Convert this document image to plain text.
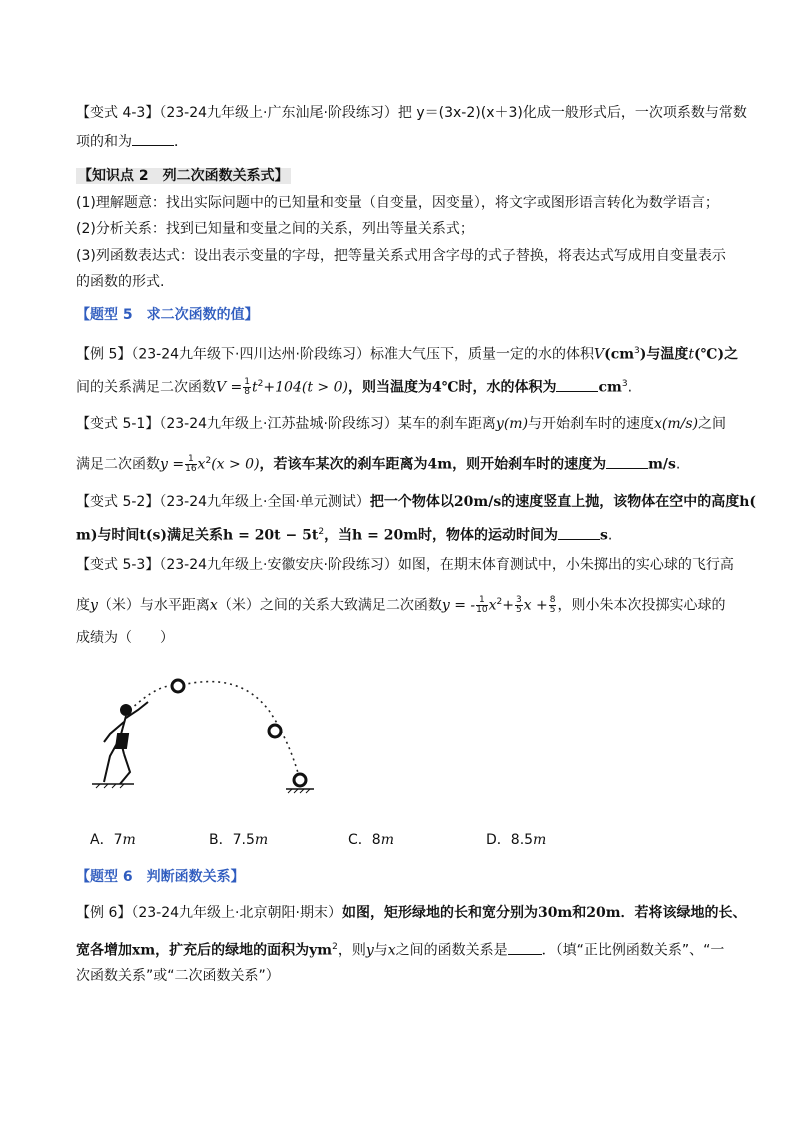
【变式 4-3】（23-24九年级上·广东汕尾·阶段练习）把 y＝(3x-2)(x＋3)化成一般形式后，一次项系数与常数
项的和为	．
【知识点 2　列二次函数关系式】
(1)理解题意：找出实际问题中的已知量和变量（自变量，因变量），将文字或图形语言转化为数学语言；
(2)分析关系：找到已知量和变量之间的关系，列出等量关系式；
(3)列函数表达式：设出表示变量的字母，把等量关系式用含字母的式子替换，将表达式写成用自变量表示
的函数的形式.
【题型 5　求二次函数的值】
【例 5】（23-24九年级下·四川达州·阶段练习）标准大气压下，质量一定的水的体积$V(cm^3)$与温度t(℃)之
间的关系满足二次函数$V = \frac{1}{8} t^2+104(t > 0)$，则当温度为4℃时，水的体积为	$cm^3$.
【变式 5-1】（23-24九年级上·江苏盐城·阶段练习）某车的刹车距离y(m)与开始刹车时的速度x(m/s)之间
满足二次函数$y = \frac{1}{16} x^2(x > 0)$，若该车某次的刹车距离为4m，则开始刹车时的速度为	m/s.
【变式 5-2】（23-24九年级上·全国·单元测试）把一个物体以20m/s的速度竖直上抛，该物体在空中的高度h(
m)与时间t(s)满足关系$h = 20t - 5t^2$，当h = 20m时，物体的运动时间为	s.
【变式 5-3】（23-24九年级上·安徽安庆·阶段练习）如图，在期末体育测试中，小朱掷出的实心球的飞行高
度y（米）与水平距离x（米）之间的关系大致满足二次函数y = - $\frac{1}{10} x^2+ \frac{3}{5}$ $x + \frac{8}{5}$ ，则小朱本次投掷实心球的
成绩为（　　）
A．7m	B．7.5m	C．8m	D．8.5m
【题型 6　判断函数关系】
【例 6】（23-24九年级上·北京朝阳·期末）如图，矩形绿地的长和宽分别为30m和20m．若将该绿地的长、
宽各增加xm，扩充后的绿地的面积为$ym^2$，则y与x之间的函数关系是 ．（填“正比例函数关系”、“一
次函数关系”或“二次函数关系”）
